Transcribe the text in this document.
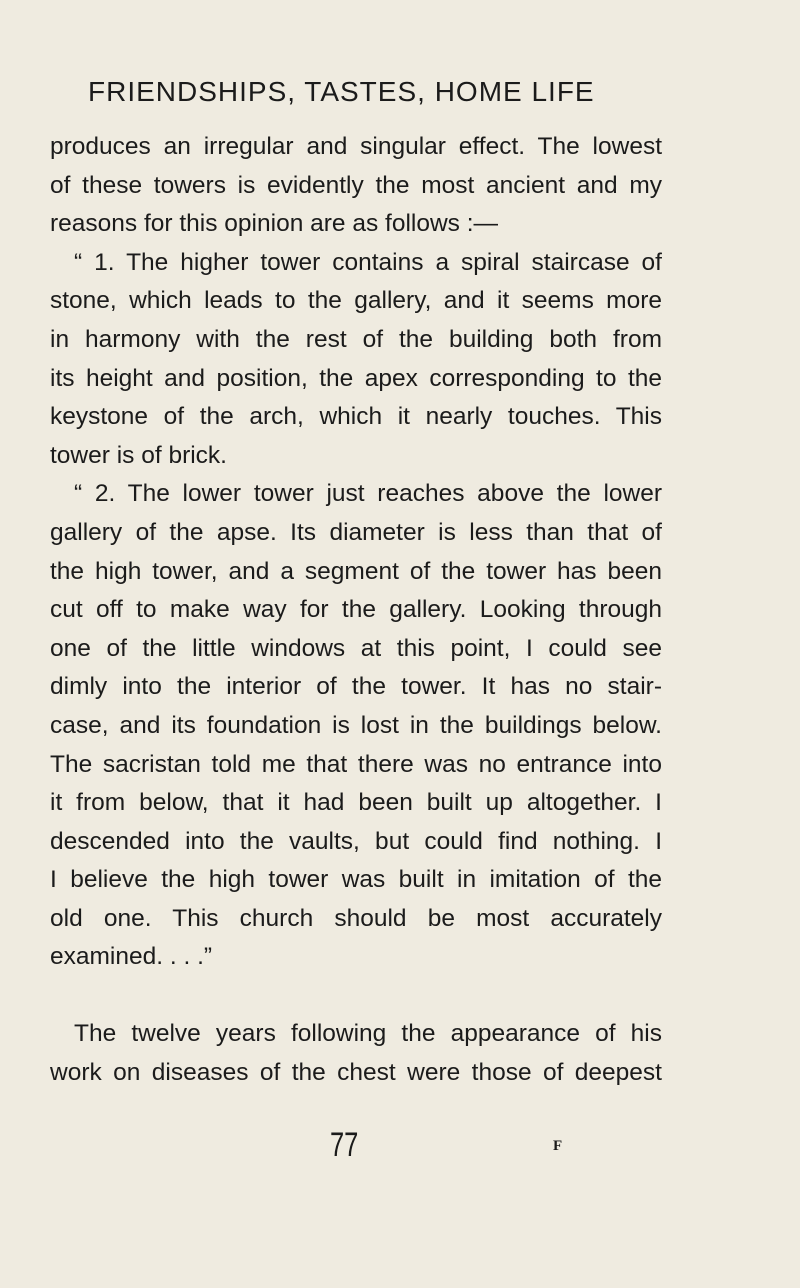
FRIENDSHIPS, TASTES, HOME LIFE
produces an irregular and singular effect. The lowest
of these towers is evidently the most ancient and my
reasons for this opinion are as follows :—
“ 1. The higher tower contains a spiral staircase of
stone, which leads to the gallery, and it seems more
in harmony with the rest of the building both from
its height and position, the apex corresponding to the
keystone of the arch, which it nearly touches. This
tower is of brick.
“ 2. The lower tower just reaches above the lower
gallery of the apse. Its diameter is less than that of
the high tower, and a segment of the tower has been
cut off to make way for the gallery. Looking through
one of the little windows at this point, I could see
dimly into the interior of the tower. It has no stair-
case, and its foundation is lost in the buildings below.
The sacristan told me that there was no entrance into
it from below, that it had been built up altogether. I
descended into the vaults, but could find nothing. I
I believe the high tower was built in imitation of the
old one. This church should be most accurately
examined. . . .”
The twelve years following the appearance of his
work on diseases of the chest were those of deepest
77	F
